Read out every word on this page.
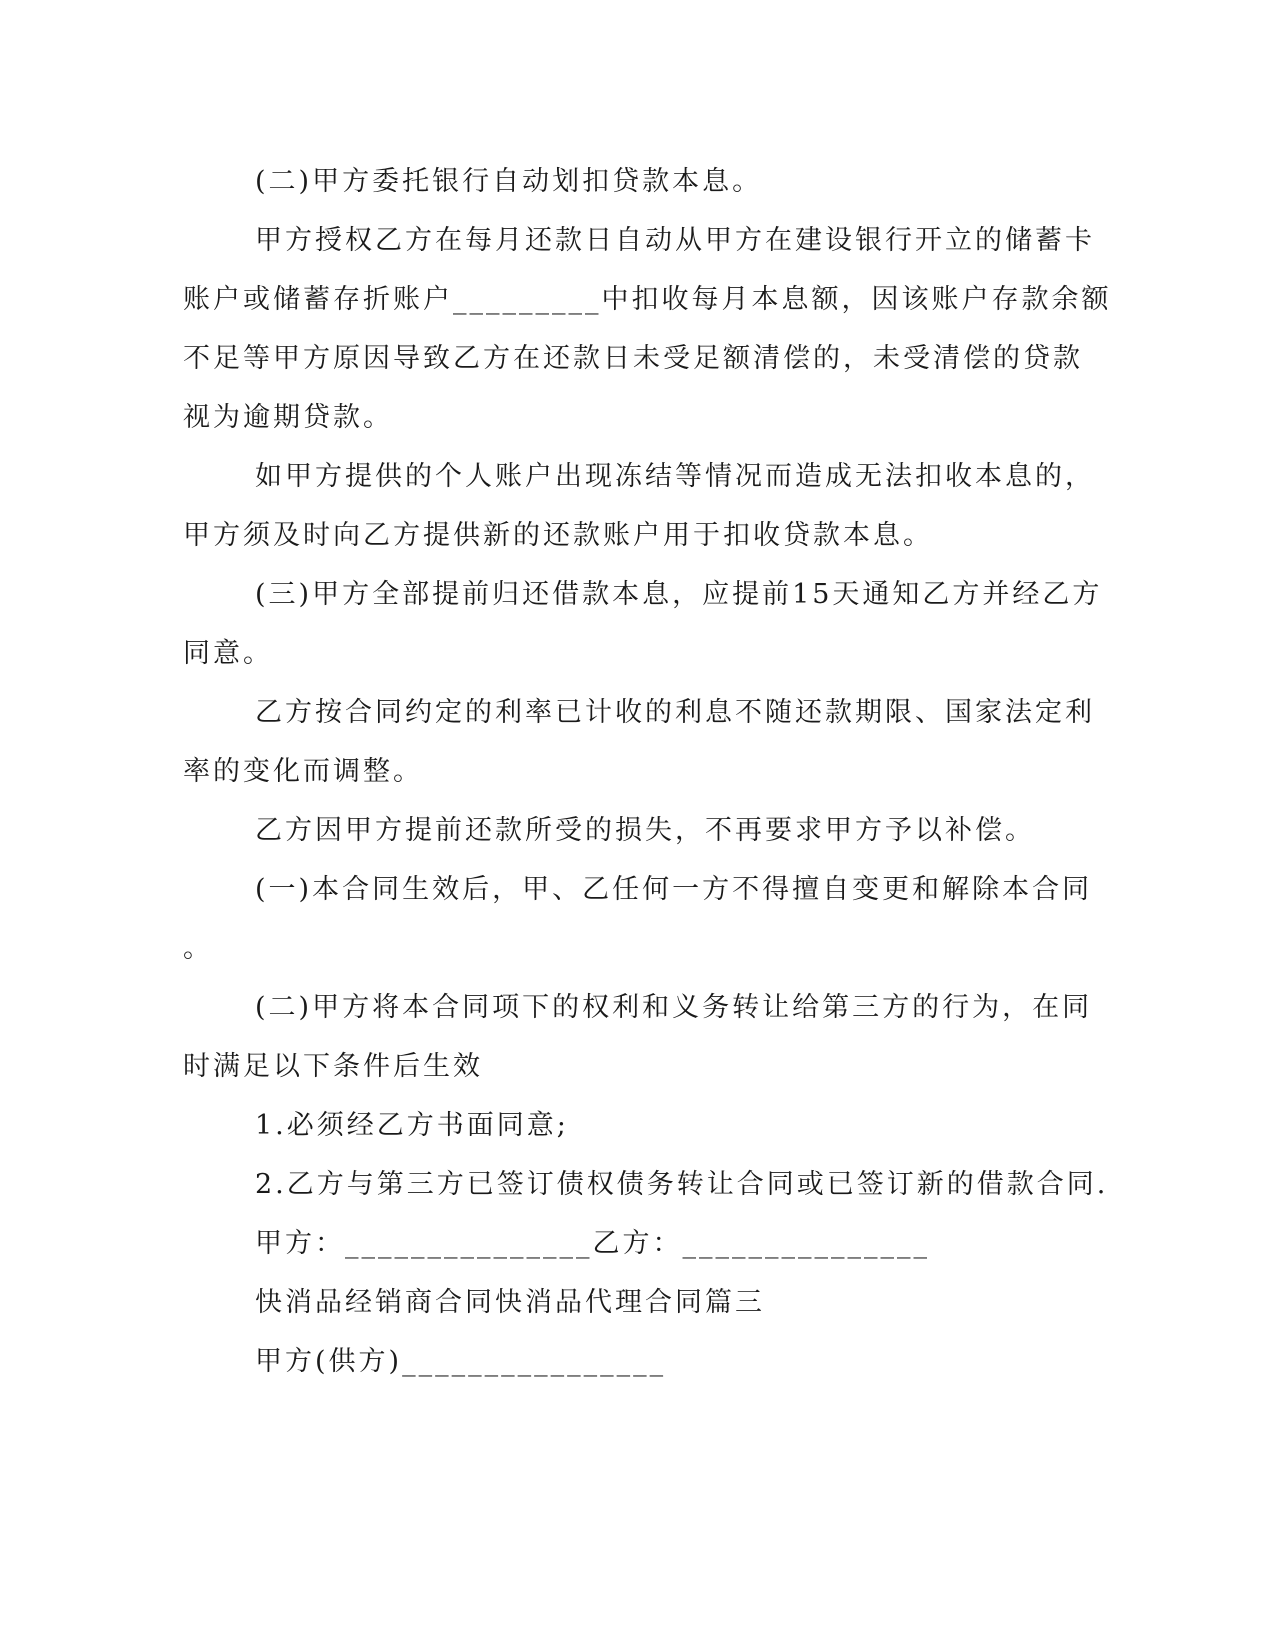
(二)甲方委托银行自动划扣贷款本息。
甲方授权乙方在每月还款日自动从甲方在建设银行开立的储蓄卡
账户或储蓄存折账户_________中扣收每月本息额，因该账户存款余额
不足等甲方原因导致乙方在还款日未受足额清偿的，未受清偿的贷款
视为逾期贷款。
如甲方提供的个人账户出现冻结等情况而造成无法扣收本息的，
甲方须及时向乙方提供新的还款账户用于扣收贷款本息。
(三)甲方全部提前归还借款本息，应提前15天通知乙方并经乙方
同意。
乙方按合同约定的利率已计收的利息不随还款期限、国家法定利
率的变化而调整。
乙方因甲方提前还款所受的损失，不再要求甲方予以补偿。
(一)本合同生效后，甲、乙任何一方不得擅自变更和解除本合同
。
(二)甲方将本合同项下的权利和义务转让给第三方的行为，在同
时满足以下条件后生效
1.必须经乙方书面同意;
2.乙方与第三方已签订债权债务转让合同或已签订新的借款合同.
甲方：_______________乙方：_______________
快消品经销商合同快消品代理合同篇三
甲方(供方)________________
